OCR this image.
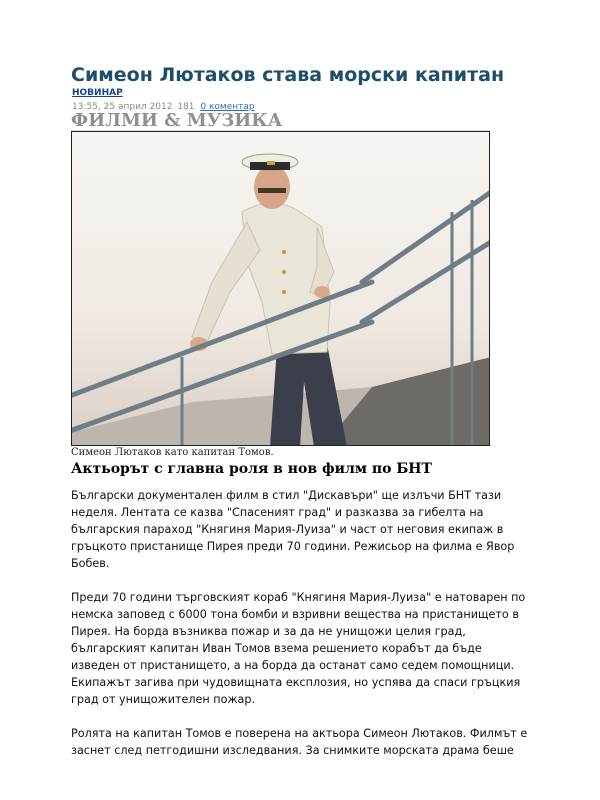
Симеон Лютаков става морски капитан
НОВИНАР
13:55, 25 април 2012 181 0 коментар
ФИЛМИ & МУЗИКА
Симеон Лютаков като капитан Томов.
Актьорът с главна роля в нов филм по БНТ

Български документален филм в стил "Дискавъри" ще излъчи БНТ тази неделя. Лентата се казва "Спасеният град" и разказва за гибелта на българския параход "Княгиня Мария-Луиза" и част от неговия екипаж в гръцкото пристанище Пирея преди 70 години. Режисьор на филма е Явор Бобев.

Преди 70 години търговският кораб "Княгиня Мария-Луиза" е натоварен по немска заповед с 6000 тона бомби и взривни вещества на пристанището в Пирея. На борда възниква пожар и за да не унищожи целия град, българският капитан Иван Томов взема решението корабът да бъде изведен от пристанището, а на борда да останат само седем помощници. Екипажът загива при чудовищната експлозия, но успява да спаси гръцкия град от унищожителен пожар.

Ролята на капитан Томов е поверена на актьора Симеон Лютаков. Филмът е заснет след петгодишни изследвания. За снимките морската драма беше
